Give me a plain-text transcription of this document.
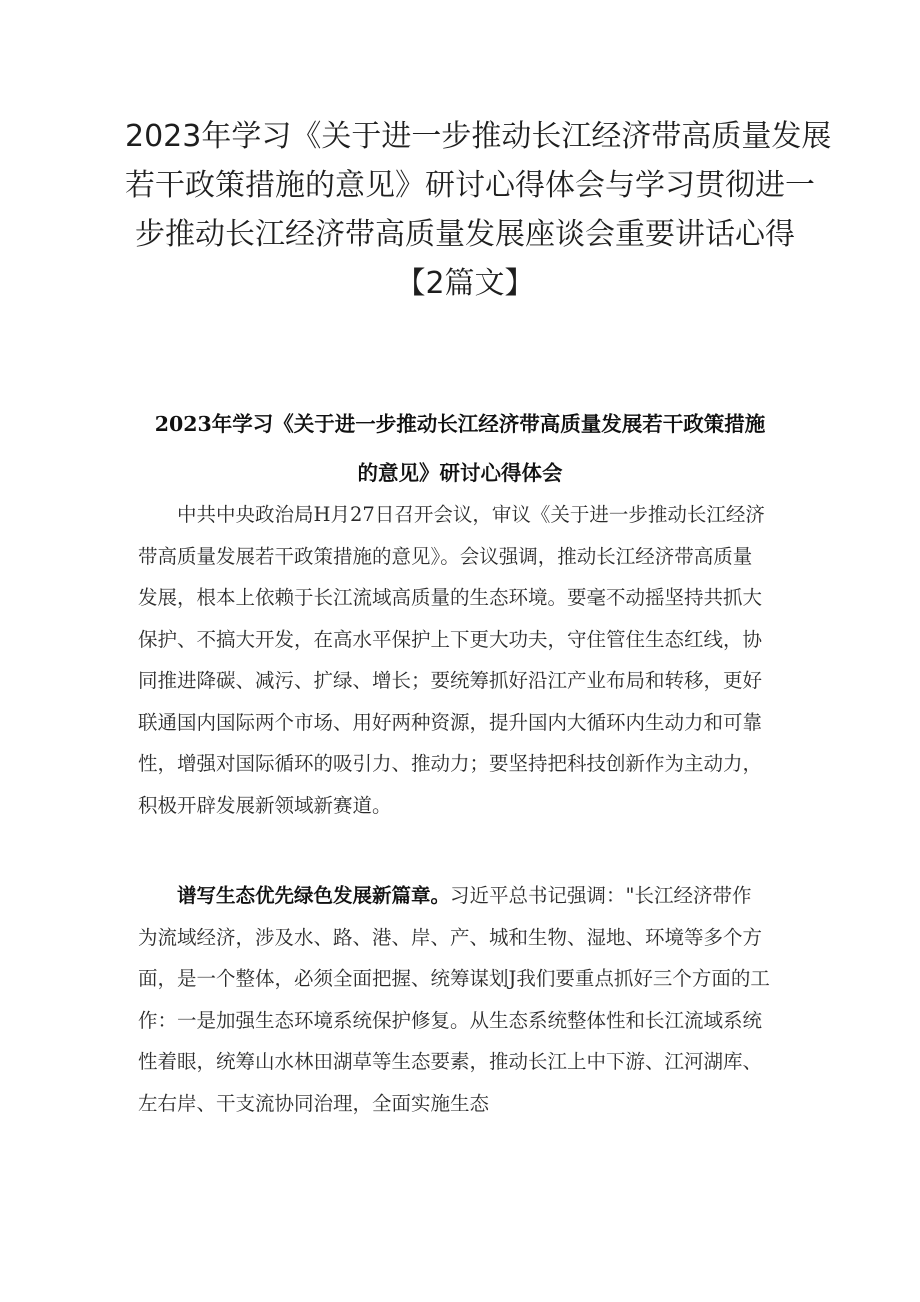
2023年学习《关于进一步推动长江经济带高质量发展
若干政策措施的意见》研讨心得体会与学习贯彻进一
步推动长江经济带高质量发展座谈会重要讲话心得
【2篇文】
2023年学习《关于进一步推动长江经济带高质量发展若干政策措施
的意见》研讨心得体会
　　中共中央政治局H月27日召开会议，审议《关于进一步推动长江经济
带高质量发展若干政策措施的意见》。会议强调，推动长江经济带高质量
发展，根本上依赖于长江流域高质量的生态环境。要毫不动摇坚持共抓大
保护、不搞大开发，在高水平保护上下更大功夫，守住管住生态红线，协
同推进降碳、减污、扩绿、增长；要统筹抓好沿江产业布局和转移，更好
联通国内国际两个市场、用好两种资源，提升国内大循环内生动力和可靠
性，增强对国际循环的吸引力、推动力；要坚持把科技创新作为主动力，
积极开辟发展新领域新赛道。
　　谱写生态优先绿色发展新篇章。习近平总书记强调："长江经济带作
为流域经济，涉及水、路、港、岸、产、城和生物、湿地、环境等多个方
面，是一个整体，必须全面把握、统筹谋划J我们要重点抓好三个方面的工
作：一是加强生态环境系统保护修复。从生态系统整体性和长江流域系统
性着眼，统筹山水林田湖草等生态要素，推动长江上中下游、江河湖库、
左右岸、干支流协同治理，全面实施生态
